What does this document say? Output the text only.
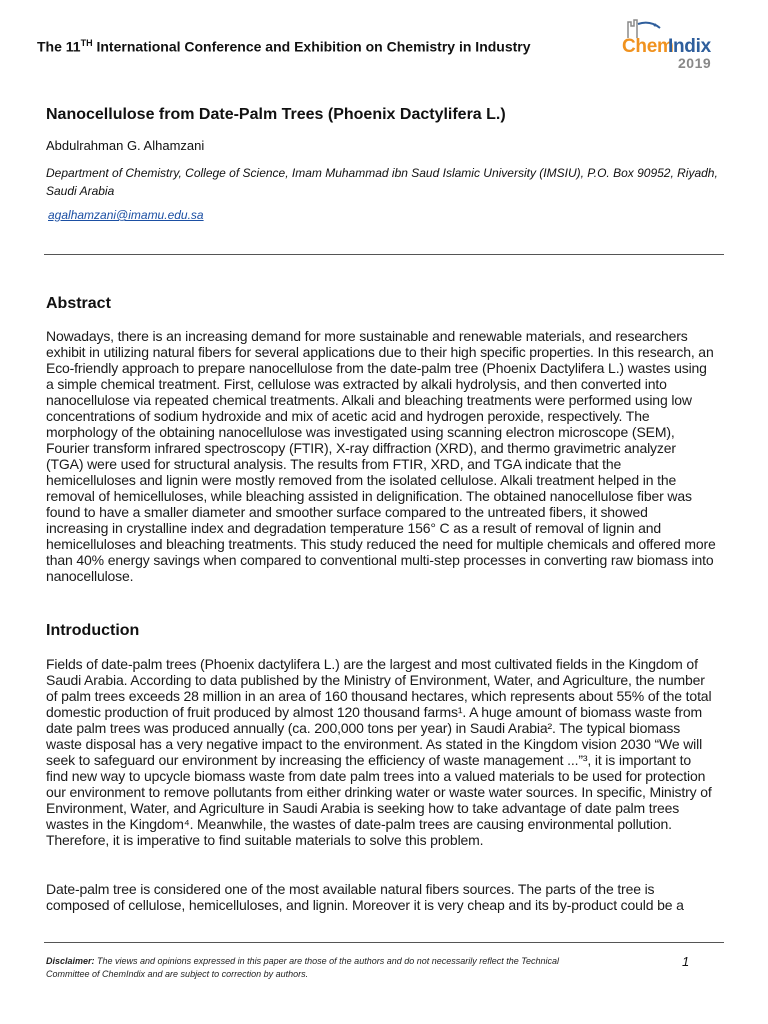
The 11TH International Conference and Exhibition on Chemistry in Industry	Chem
Indix
2019
Nanocellulose from Date-Palm Trees (Phoenix Dactylifera L.)
Abdulrahman G. Alhamzani
Department of Chemistry, College of Science, Imam Muhammad ibn Saud Islamic University (IMSIU), P.O. Box 90952, Riyadh, Saudi Arabia
agalhamzani@imamu.edu.sa
Abstract
Nowadays, there is an increasing demand for more sustainable and renewable materials, and researchers
exhibit in utilizing natural fibers for several applications due to their high specific properties. In this research, an
Eco-friendly approach to prepare nanocellulose from the date-palm tree (Phoenix Dactylifera L.) wastes using
a simple chemical treatment. First, cellulose was extracted by alkali hydrolysis, and then converted into
nanocellulose via repeated chemical treatments. Alkali and bleaching treatments were performed using low
concentrations of sodium hydroxide and mix of acetic acid and hydrogen peroxide, respectively. The
morphology of the obtaining nanocellulose was investigated using scanning electron microscope (SEM),
Fourier transform infrared spectroscopy (FTIR), X-ray diffraction (XRD), and thermo gravimetric analyzer
(TGA) were used for structural analysis. The results from FTIR, XRD, and TGA indicate that the
hemicelluloses and lignin were mostly removed from the isolated cellulose. Alkali treatment helped in the
removal of hemicelluloses, while bleaching assisted in delignification. The obtained nanocellulose fiber was
found to have a smaller diameter and smoother surface compared to the untreated fibers, it showed
increasing in crystalline index and degradation temperature 156° C as a result of removal of lignin and
hemicelluloses and bleaching treatments. This study reduced the need for multiple chemicals and offered more
than 40% energy savings when compared to conventional multi-step processes in converting raw biomass into
nanocellulose.
Introduction
Fields of date-palm trees (Phoenix dactylifera L.) are the largest and most cultivated fields in the Kingdom of
Saudi Arabia. According to data published by the Ministry of Environment, Water, and Agriculture, the number
of palm trees exceeds 28 million in an area of 160 thousand hectares, which represents about 55% of the total
domestic production of fruit produced by almost 120 thousand farms¹. A huge amount of biomass waste from
date palm trees was produced annually (ca. 200,000 tons per year) in Saudi Arabia². The typical biomass
waste disposal has a very negative impact to the environment. As stated in the Kingdom vision 2030 “We will
seek to safeguard our environment by increasing the efficiency of waste management ...”³, it is important to
find new way to upcycle biomass waste from date palm trees into a valued materials to be used for protection
our environment to remove pollutants from either drinking water or waste water sources. In specific, Ministry of
Environment, Water, and Agriculture in Saudi Arabia is seeking how to take advantage of date palm trees
wastes in the Kingdom⁴. Meanwhile, the wastes of date-palm trees are causing environmental pollution.
Therefore, it is imperative to find suitable materials to solve this problem.
Date-palm tree is considered one of the most available natural fibers sources. The parts of the tree is
composed of cellulose, hemicelluloses, and lignin. Moreover it is very cheap and its by-product could be a
Disclaimer: The views and opinions expressed in this paper are those of the authors and do not necessarily reflect the Technical
Committee of ChemIndix and are subject to correction by authors.
1
